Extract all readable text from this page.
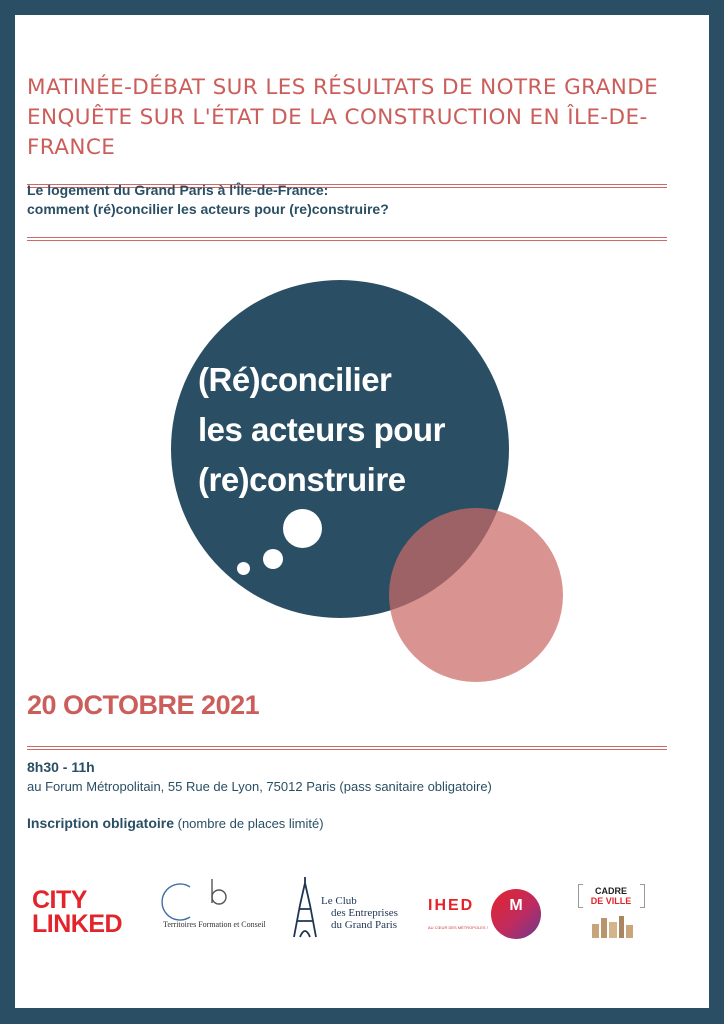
MATINÉE-DÉBAT SUR LES RÉSULTATS DE NOTRE GRANDE ENQUÊTE SUR L'ÉTAT DE LA CONSTRUCTION EN ÎLE-DE-FRANCE

Le logement du Grand Paris à l'Île-de-France:
comment (ré)concilier les acteurs pour (re)construire?

(Ré)concilier
les acteurs pour
(re)construire
20 OCTOBRE 2021
8h30 - 11h
au Forum Métropolitain, 55 Rue de Lyon, 75012 Paris (pass sanitaire obligatoire)
Inscription obligatoire (nombre de places limité)
CITY
LINKED	Territoires Formation et Conseil
Le Club
des Entreprises
du Grand Paris
IHED	M
AU CŒUR DES MÉTROPOLES !
CADRE
DE VILLE
